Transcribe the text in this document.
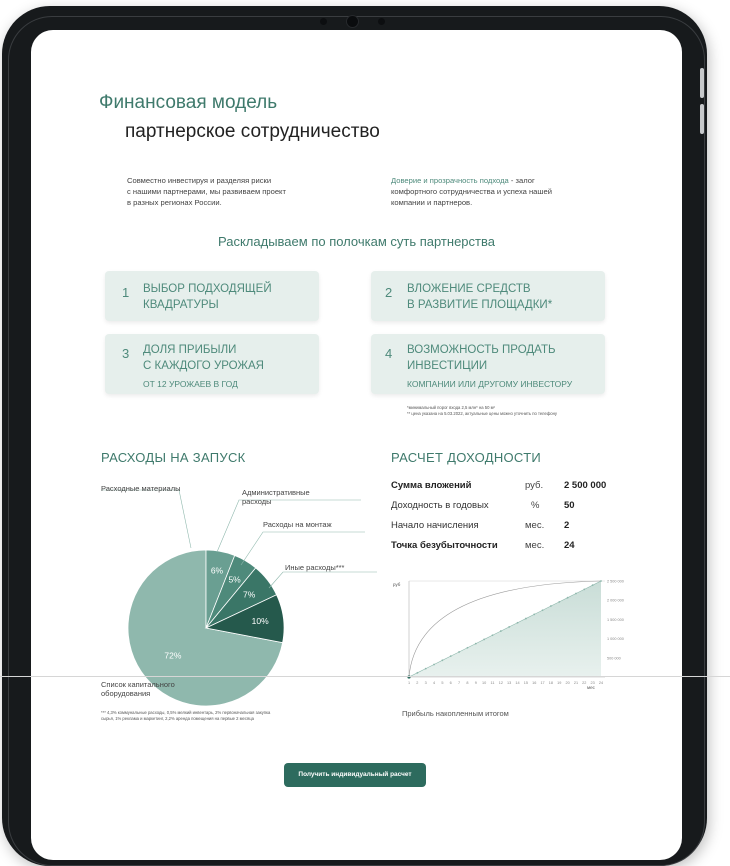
Финансовая модель
партнерское сотрудничество
Совместно инвестируя и разделяя риски
с нашими партнерами, мы развиваем проект
в разных регионах России.
Доверие и прозрачность подхода - залог
комфортного сотрудничества и успеха нашей
компании и партнеров.
Раскладываем по полочкам суть партнерства
1 ВЫБОР ПОДХОДЯЩЕЙ
КВАДРАТУРЫ
2 ВЛОЖЕНИЕ СРЕДСТВ
В РАЗВИТИЕ ПЛОЩАДКИ*
3 ДОЛЯ ПРИБЫЛИ
С КАЖДОГО УРОЖАЯ
ОТ 12 УРОЖАЕВ В ГОД
4 ВОЗМОЖНОСТЬ ПРОДАТЬ
ИНВЕСТИЦИИ
КОМПАНИИ ИЛИ ДРУГОМУ ИНВЕСТОРУ
*минимальный порог входа 2,5 млн* на 50 м²
** цена указана на 5.03.2022, актуальные цены можно уточнить по телефону
РАСХОДЫ НА ЗАПУСК
72%
6%
5%
7%
10%
Расходные материалы	Административные расходы
Расходы на монтаж
Иные расходы***
Список капитального оборудования
*** 4,3% коммунальные расходы, 0,5% мелкий инвентарь, 2% первоначальная закупка
сырья, 1% реклама и маркетинг, 2,2% аренда помещения на первые 2 месяца
РАСЧЕТ ДОХОДНОСТИ
Сумма вложений	руб. 2 500 000
Доходность в годовых	%	50
Начало начисления	мес. 2
Точка безубыточности	мес. 24
1 2 3 4 5 6 7 8 9 10 11 12 13 14 15 16 17 18 19 20 21 22 23 24
2 500 000
2 000 000
1 500 000
1 000 000
500 000
руб
мес
Прибыль накопленным итогом
Получить индивидуальный расчет
